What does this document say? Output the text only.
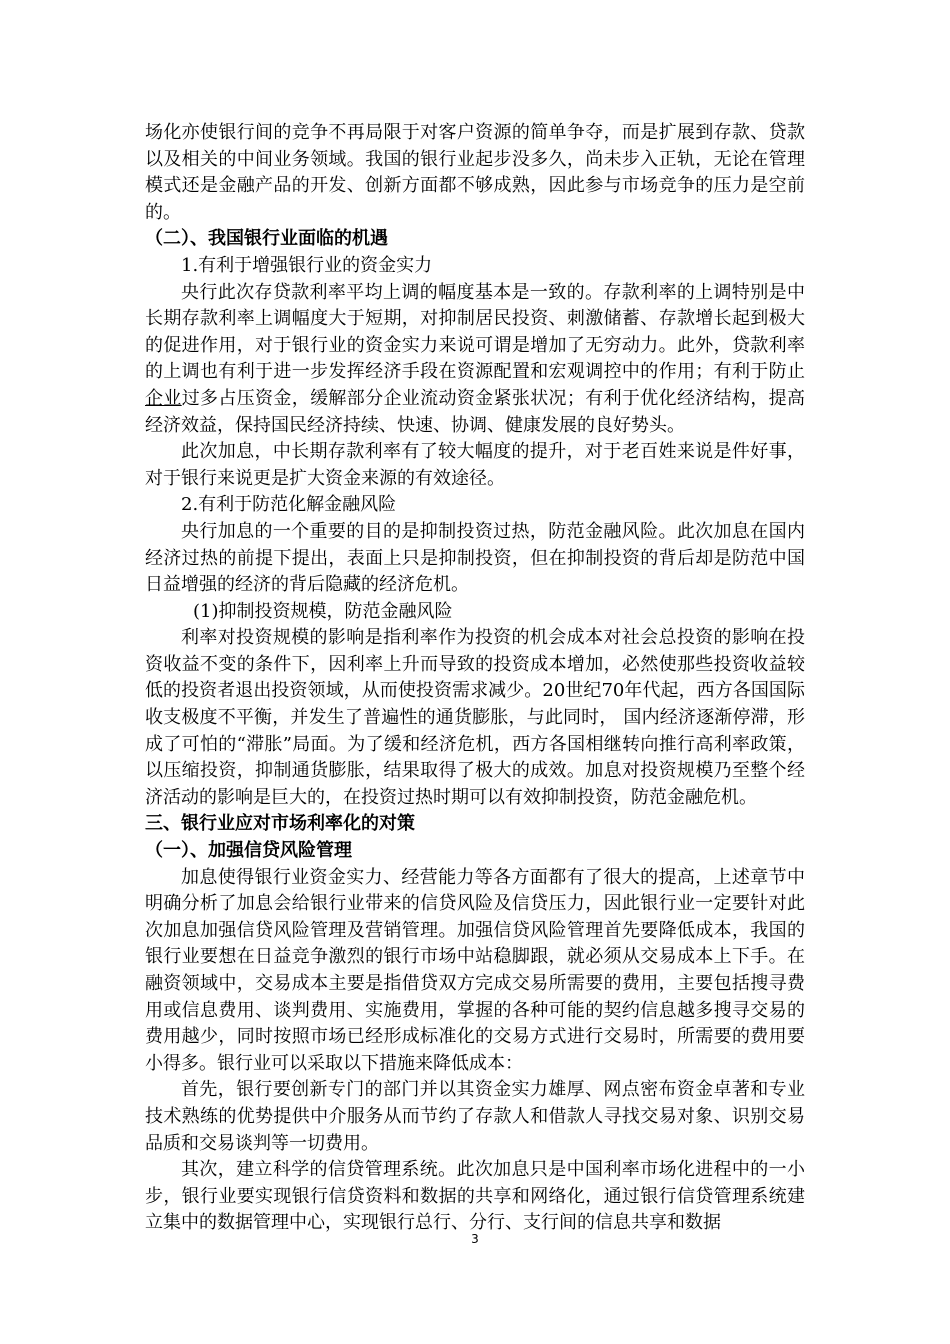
场化亦使银行间的竞争不再局限于对客户资源的简单争夺，而是扩展到存款、贷款以及相关的中间业务领域。我国的银行业起步没多久，尚未步入正轨，无论在管理模式还是金融产品的开发、创新方面都不够成熟，因此参与市场竞争的压力是空前的。

（二）、我国银行业面临的机遇

1.有利于增强银行业的资金实力

央行此次存贷款利率平均上调的幅度基本是一致的。存款利率的上调特别是中长期存款利率上调幅度大于短期，对抑制居民投资、刺激储蓄、存款增长起到极大的促进作用，对于银行业的资金实力来说可谓是增加了无穷动力。此外，贷款利率的上调也有利于进一步发挥经济手段在资源配置和宏观调控中的作用；有利于防止企业过多占压资金，缓解部分企业流动资金紧张状况；有利于优化经济结构，提高经济效益，保持国民经济持续、快速、协调、健康发展的良好势头。

此次加息，中长期存款利率有了较大幅度的提升，对于老百姓来说是件好事，对于银行来说更是扩大资金来源的有效途径。

2.有利于防范化解金融风险

央行加息的一个重要的目的是抑制投资过热，防范金融风险。此次加息在国内经济过热的前提下提出，表面上只是抑制投资，但在抑制投资的背后却是防范中国日益增强的经济的背后隐藏的经济危机。

(1)抑制投资规模，防范金融风险

利率对投资规模的影响是指利率作为投资的机会成本对社会总投资的影响在投资收益不变的条件下，因利率上升而导致的投资成本增加，必然使那些投资收益较低的投资者退出投资领域，从而使投资需求减少。20世纪70年代起，西方各国国际收支极度不平衡，并发生了普遍性的通货膨胀，与此同时， 国内经济逐渐停滞，形成了可怕的“滞胀”局面。为了缓和经济危机，西方各国相继转向推行高利率政策，以压缩投资，抑制通货膨胀，结果取得了极大的成效。加息对投资规模乃至整个经济活动的影响是巨大的，在投资过热时期可以有效抑制投资，防范金融危机。

三、银行业应对市场利率化的对策

（一）、加强信贷风险管理

加息使得银行业资金实力、经营能力等各方面都有了很大的提高，上述章节中明确分析了加息会给银行业带来的信贷风险及信贷压力，因此银行业一定要针对此次加息加强信贷风险管理及营销管理。加强信贷风险管理首先要降低成本，我国的银行业要想在日益竞争激烈的银行市场中站稳脚跟，就必须从交易成本上下手。在融资领域中，交易成本主要是指借贷双方完成交易所需要的费用，主要包括搜寻费用或信息费用、谈判费用、实施费用，掌握的各种可能的契约信息越多搜寻交易的费用越少，同时按照市场已经形成标准化的交易方式进行交易时，所需要的费用要小得多。银行业可以采取以下措施来降低成本：

首先，银行要创新专门的部门并以其资金实力雄厚、网点密布资金卓著和专业技术熟练的优势提供中介服务从而节约了存款人和借款人寻找交易对象、识别交易品质和交易谈判等一切费用。

其次，建立科学的信贷管理系统。此次加息只是中国利率市场化进程中的一小步，银行业要实现银行信贷资料和数据的共享和网络化，通过银行信贷管理系统建立集中的数据管理中心，实现银行总行、分行、支行间的信息共享和数据

3
